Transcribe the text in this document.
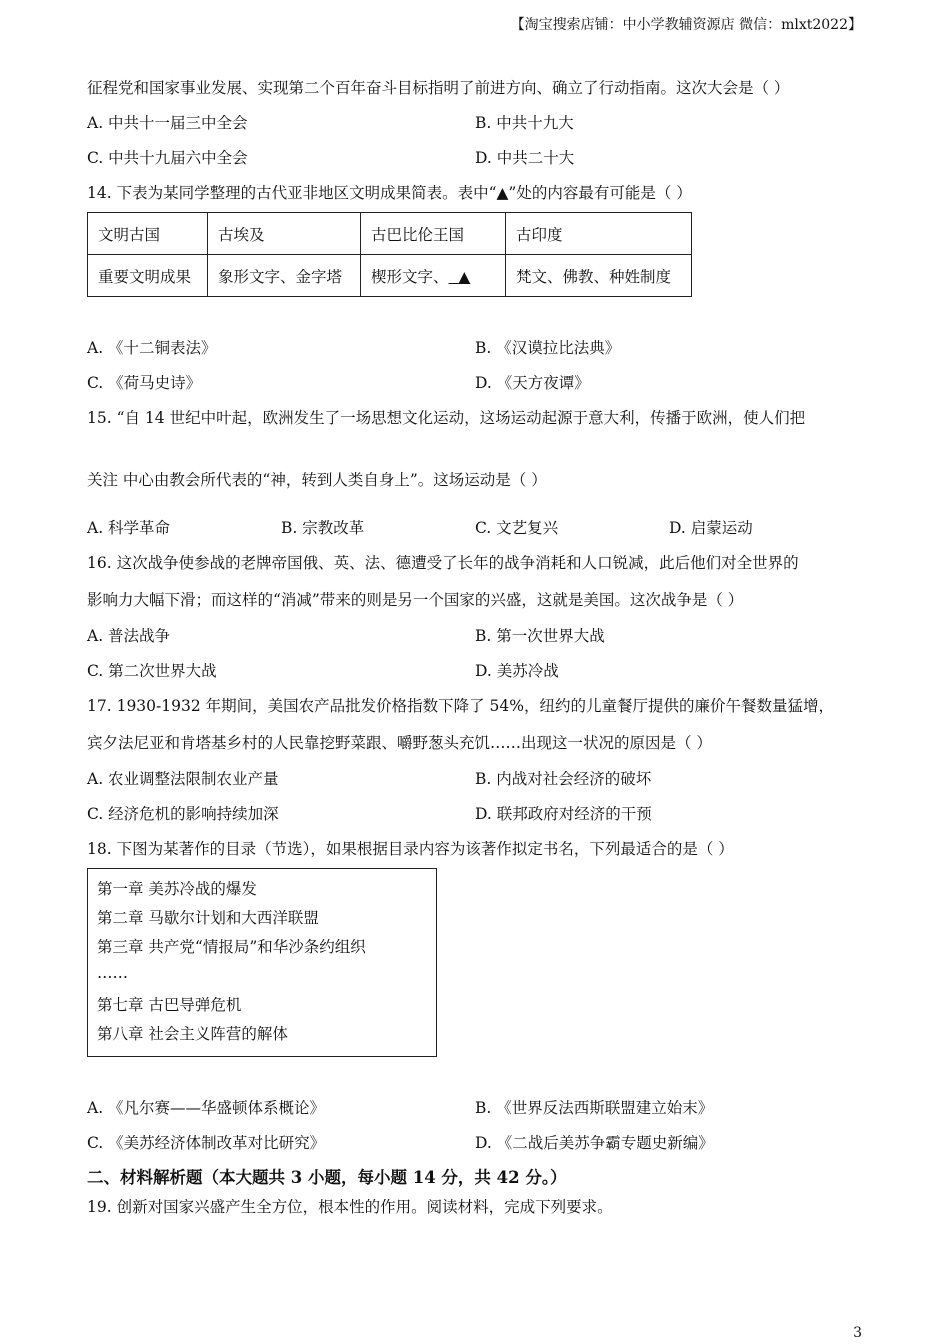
【淘宝搜索店铺：中小学教辅资源店 微信：mlxt2022】
征程党和国家事业发展、实现第二个百年奋斗目标指明了前进方向、确立了行动指南。这次大会是（ ）
A. 中共十一届三中全会	B. 中共十九大
C. 中共十九届六中全会	D. 中共二十大
14. 下表为某同学整理的古代亚非地区文明成果简表。表中“▲”处的内容最有可能是（ ）
文明古国	古埃及	古巴比伦王国	古印度
重要文明成果	象形文字、金字塔	楔形文字、 ▲	梵文、佛教、种姓制度
A. 《十二铜表法》	B. 《汉谟拉比法典》
C. 《荷马史诗》	D. 《天方夜谭》
15. “自 14 世纪中叶起，欧洲发生了一场思想文化运动，这场运动起源于意大利，传播于欧洲，使人们把
关注 中心由教会所代表的“神，转到人类自身上”。这场运动是（ ）
A. 科学革命	B. 宗教改革	C. 文艺复兴	D. 启蒙运动
16. 这次战争使参战的老牌帝国俄、英、法、德遭受了长年的战争消耗和人口锐减，此后他们对全世界的
影响力大幅下滑；而这样的“消减”带来的则是另一个国家的兴盛，这就是美国。这次战争是（ ）
A. 普法战争	B. 第一次世界大战
C. 第二次世界大战	D. 美苏冷战
17. 1930-1932 年期间，美国农产品批发价格指数下降了 54%，纽约的儿童餐厅提供的廉价午餐数量猛增，
宾夕法尼亚和肯塔基乡村的人民靠挖野菜跟、嚼野葱头充饥……出现这一状况的原因是（ ）
A. 农业调整法限制农业产量	B. 内战对社会经济的破坏
C. 经济危机的影响持续加深	D. 联邦政府对经济的干预
18. 下图为某著作的目录（节选），如果根据目录内容为该著作拟定书名，下列最适合的是（ ）
第一章 美苏冷战的爆发
第二章 马歇尔计划和大西洋联盟
第三章 共产党“情报局”和华沙条约组织
……
第七章 古巴导弹危机
第八章 社会主义阵营的解体
A. 《凡尔赛——华盛顿体系概论》	B. 《世界反法西斯联盟建立始末》
C. 《美苏经济体制改革对比研究》	D. 《二战后美苏争霸专题史新编》
二、材料解析题（本大题共 3 小题，每小题 14 分，共 42 分。）
19. 创新对国家兴盛产生全方位，根本性的作用。阅读材料，完成下列要求。
3
